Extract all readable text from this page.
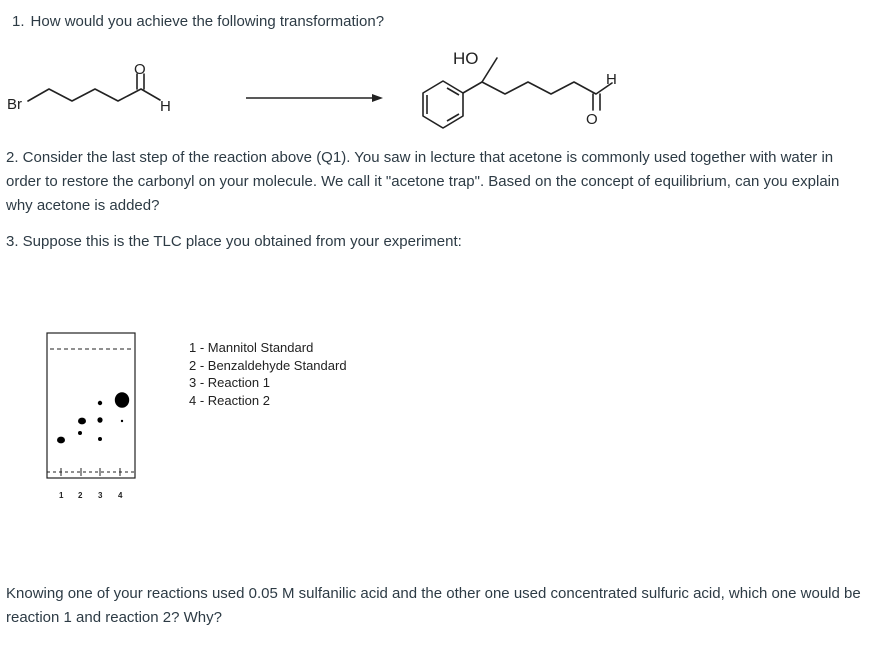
1. How would you achieve the following transformation?
Br
O
H
HO
H
O
2. Consider the last step of the reaction above (Q1). You saw in lecture that acetone is commonly used together with water in order to restore the carbonyl on your molecule. We call it "acetone trap". Based on the concept of equilibrium, can you explain why acetone is added?
3. Suppose this is the TLC place you obtained from your experiment:
1 2 3 4
1 - Mannitol Standard
2 - Benzaldehyde Standard
3 - Reaction 1
4 - Reaction 2
Knowing one of your reactions used 0.05 M sulfanilic acid and the other one used concentrated sulfuric acid, which one would be reaction 1 and reaction 2? Why?
